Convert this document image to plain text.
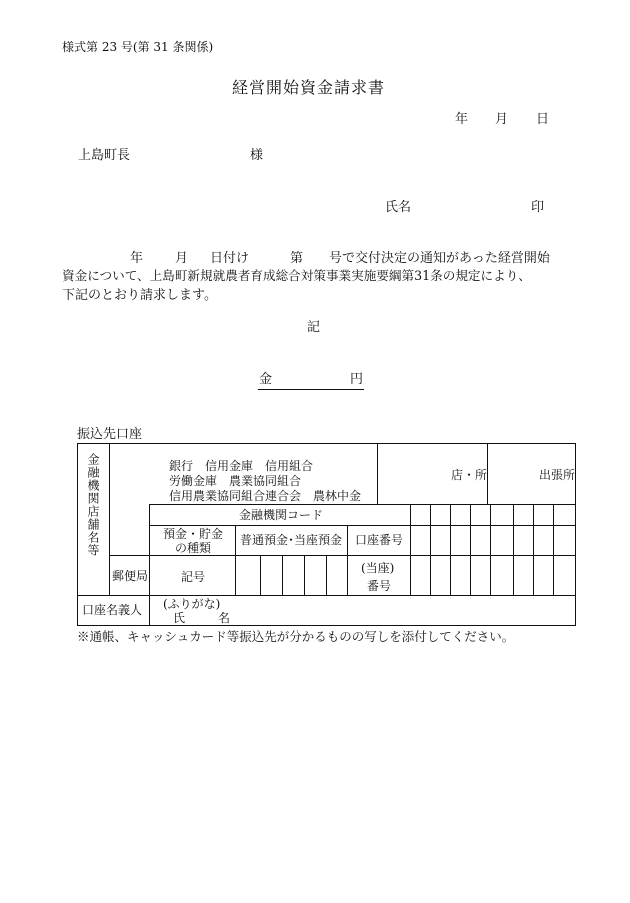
様式第 23 号(第 31 条関係)
経営開始資金請求書
年 月 日
上島町長	様
氏名	印
年 月 日付け	第 号で交付決定の通知があった経営開始
資金について、上島町新規就農者育成総合対策事業実施要綱第31条の規定により、
下記のとおり請求します。
記
金	円
振込先口座
金融機関店舗名等	銀行　信用金庫　信用組合
労働金庫　農業協同組合
信用農業協同組合連合会　農林中金
店・所	出張所
金融機関コード
預金・貯金
の種類
普通預金･当座預金 口座番号
郵便局	記号
(当座)
番号
口座名義人 (ふりがな)
氏	名
※通帳、キャッシュカード等振込先が分かるものの写しを添付してください。
